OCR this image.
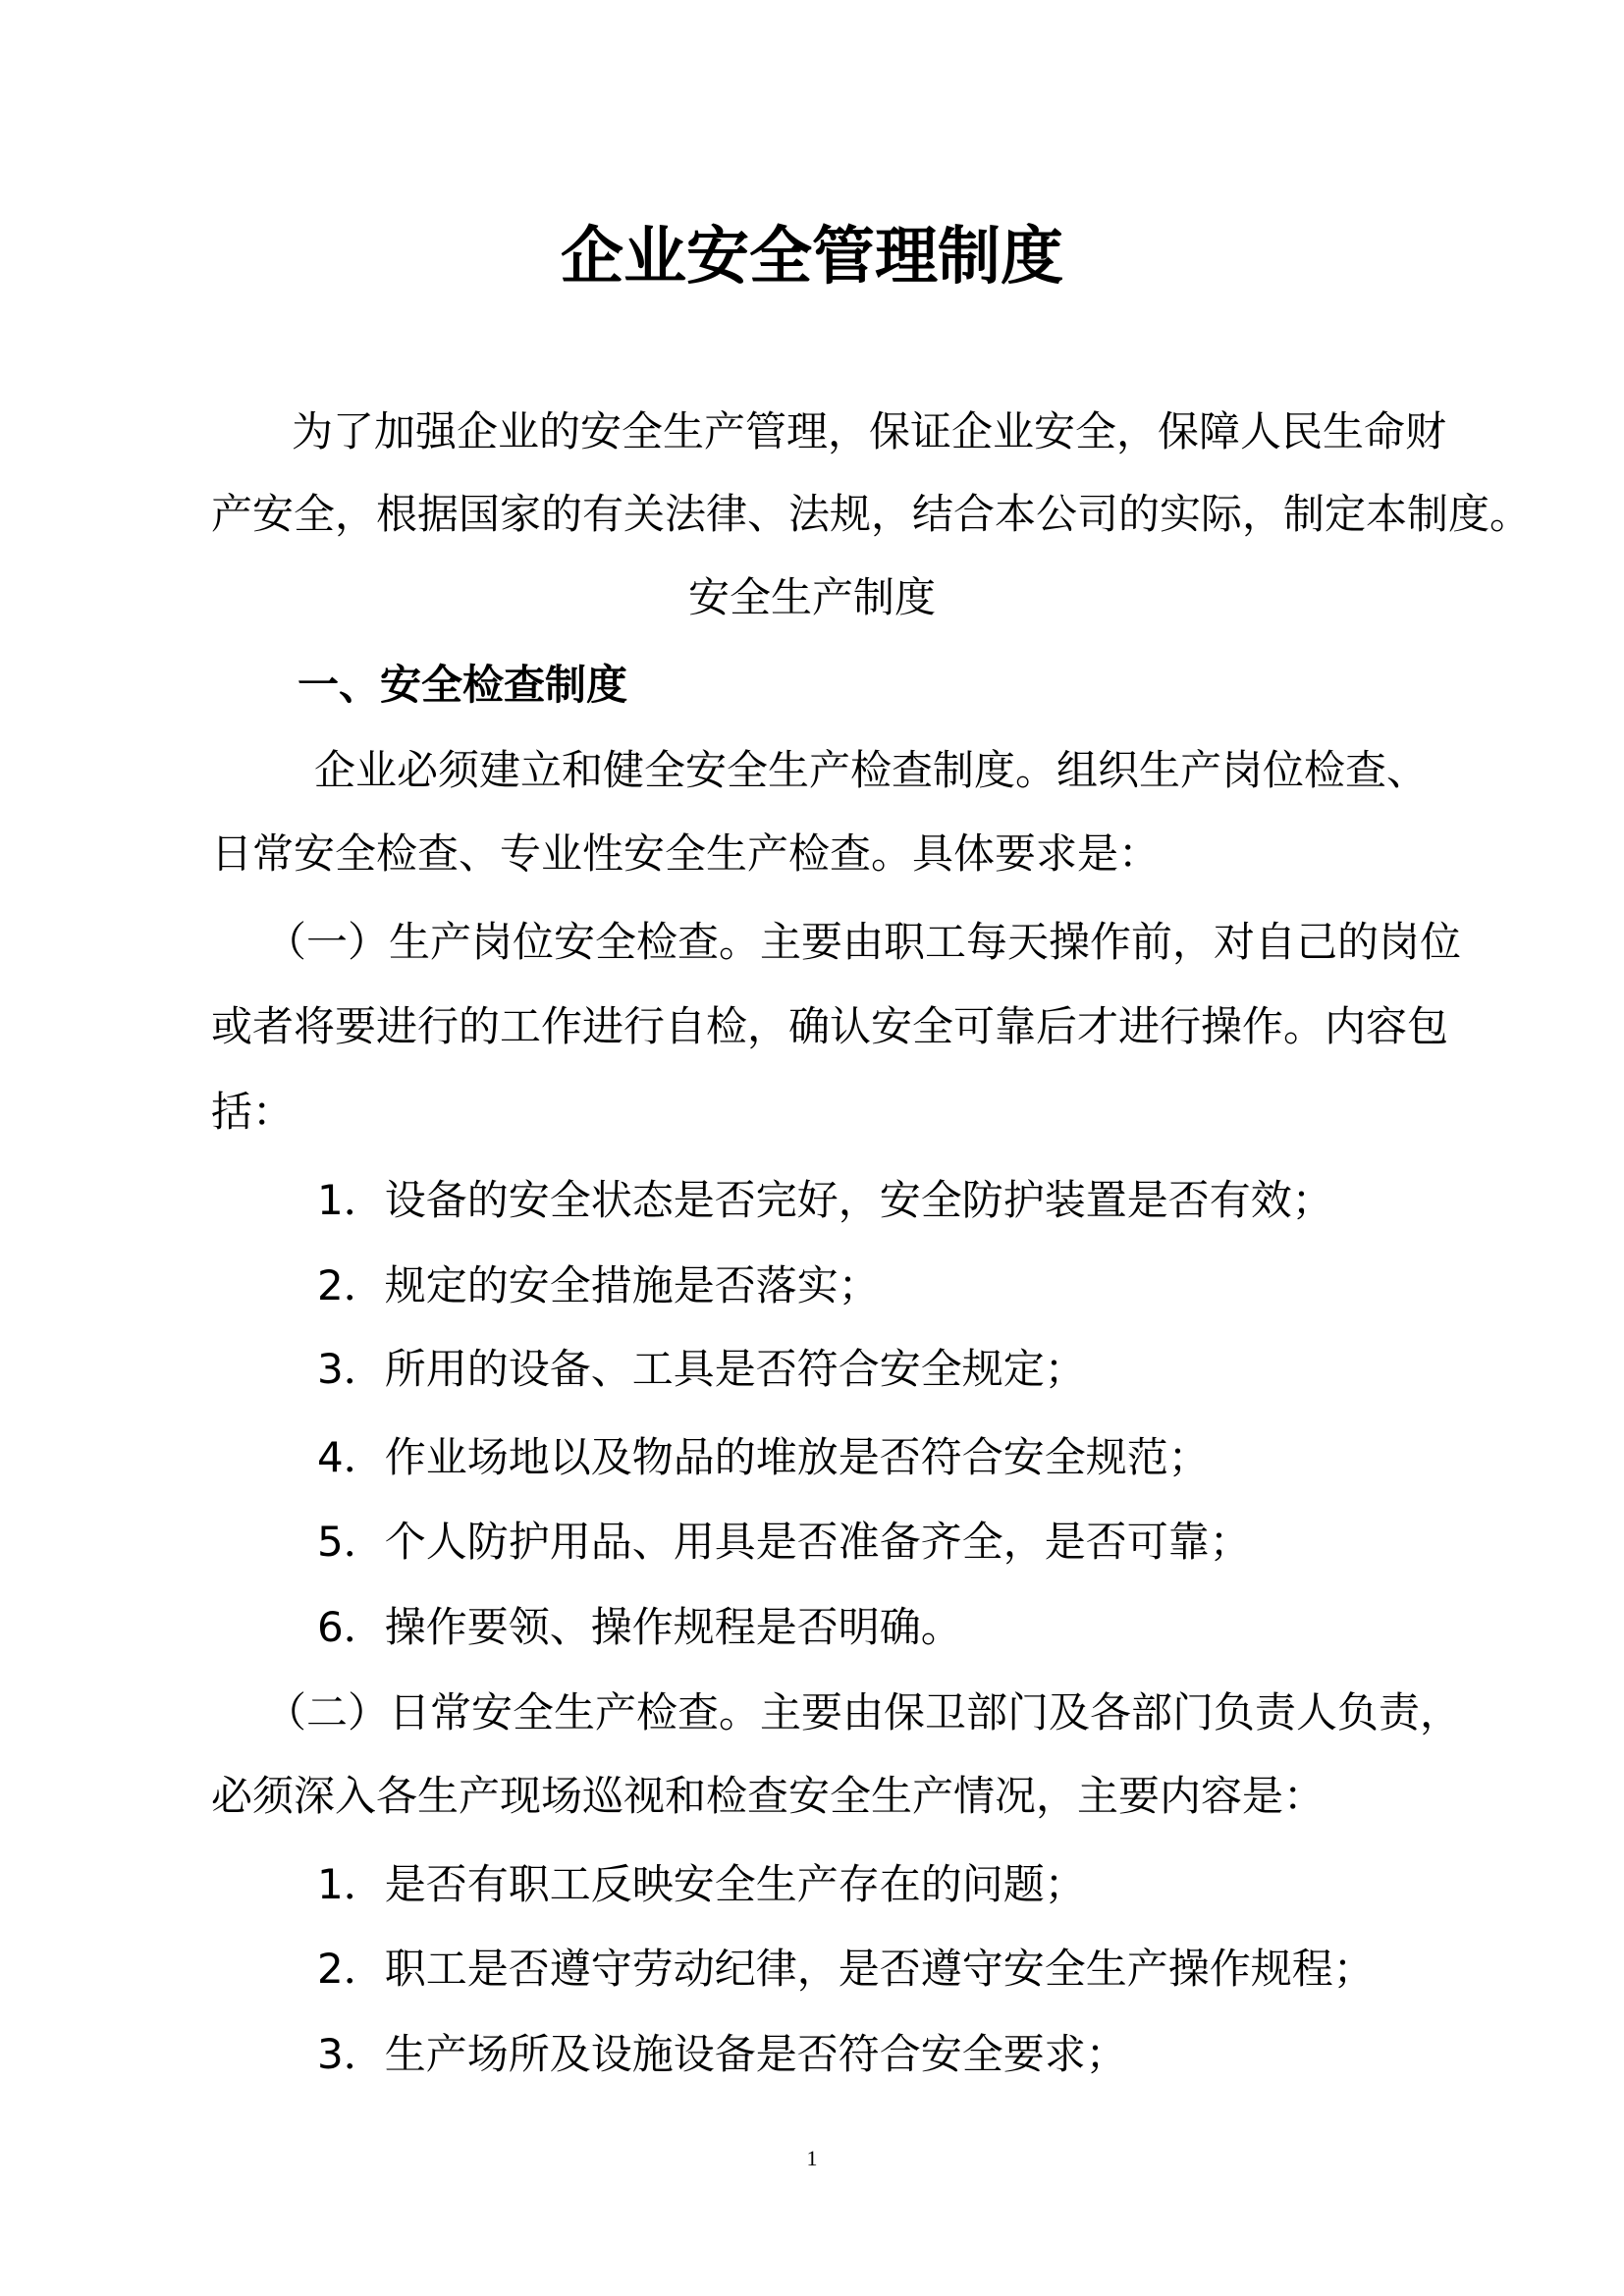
企业安全管理制度
为了加强企业的安全生产管理，保证企业安全，保障人民生命财
产安全，根据国家的有关法律、法规，结合本公司的实际，制定本制度。
安全生产制度
一、安全检查制度
企业必须建立和健全安全生产检查制度。组织生产岗位检查、
日常安全检查、专业性安全生产检查。具体要求是：
（一）生产岗位安全检查。主要由职工每天操作前，对自己的岗位
或者将要进行的工作进行自检，确认安全可靠后才进行操作。内容包
括：
1．设备的安全状态是否完好，安全防护装置是否有效；
2．规定的安全措施是否落实；
3．所用的设备、工具是否符合安全规定；
4．作业场地以及物品的堆放是否符合安全规范；
5．个人防护用品、用具是否准备齐全，是否可靠；
6．操作要领、操作规程是否明确。
（二）日常安全生产检查。主要由保卫部门及各部门负责人负责，
必须深入各生产现场巡视和检查安全生产情况，主要内容是：
1．是否有职工反映安全生产存在的问题；
2．职工是否遵守劳动纪律，是否遵守安全生产操作规程；
3．生产场所及设施设备是否符合安全要求；
1
